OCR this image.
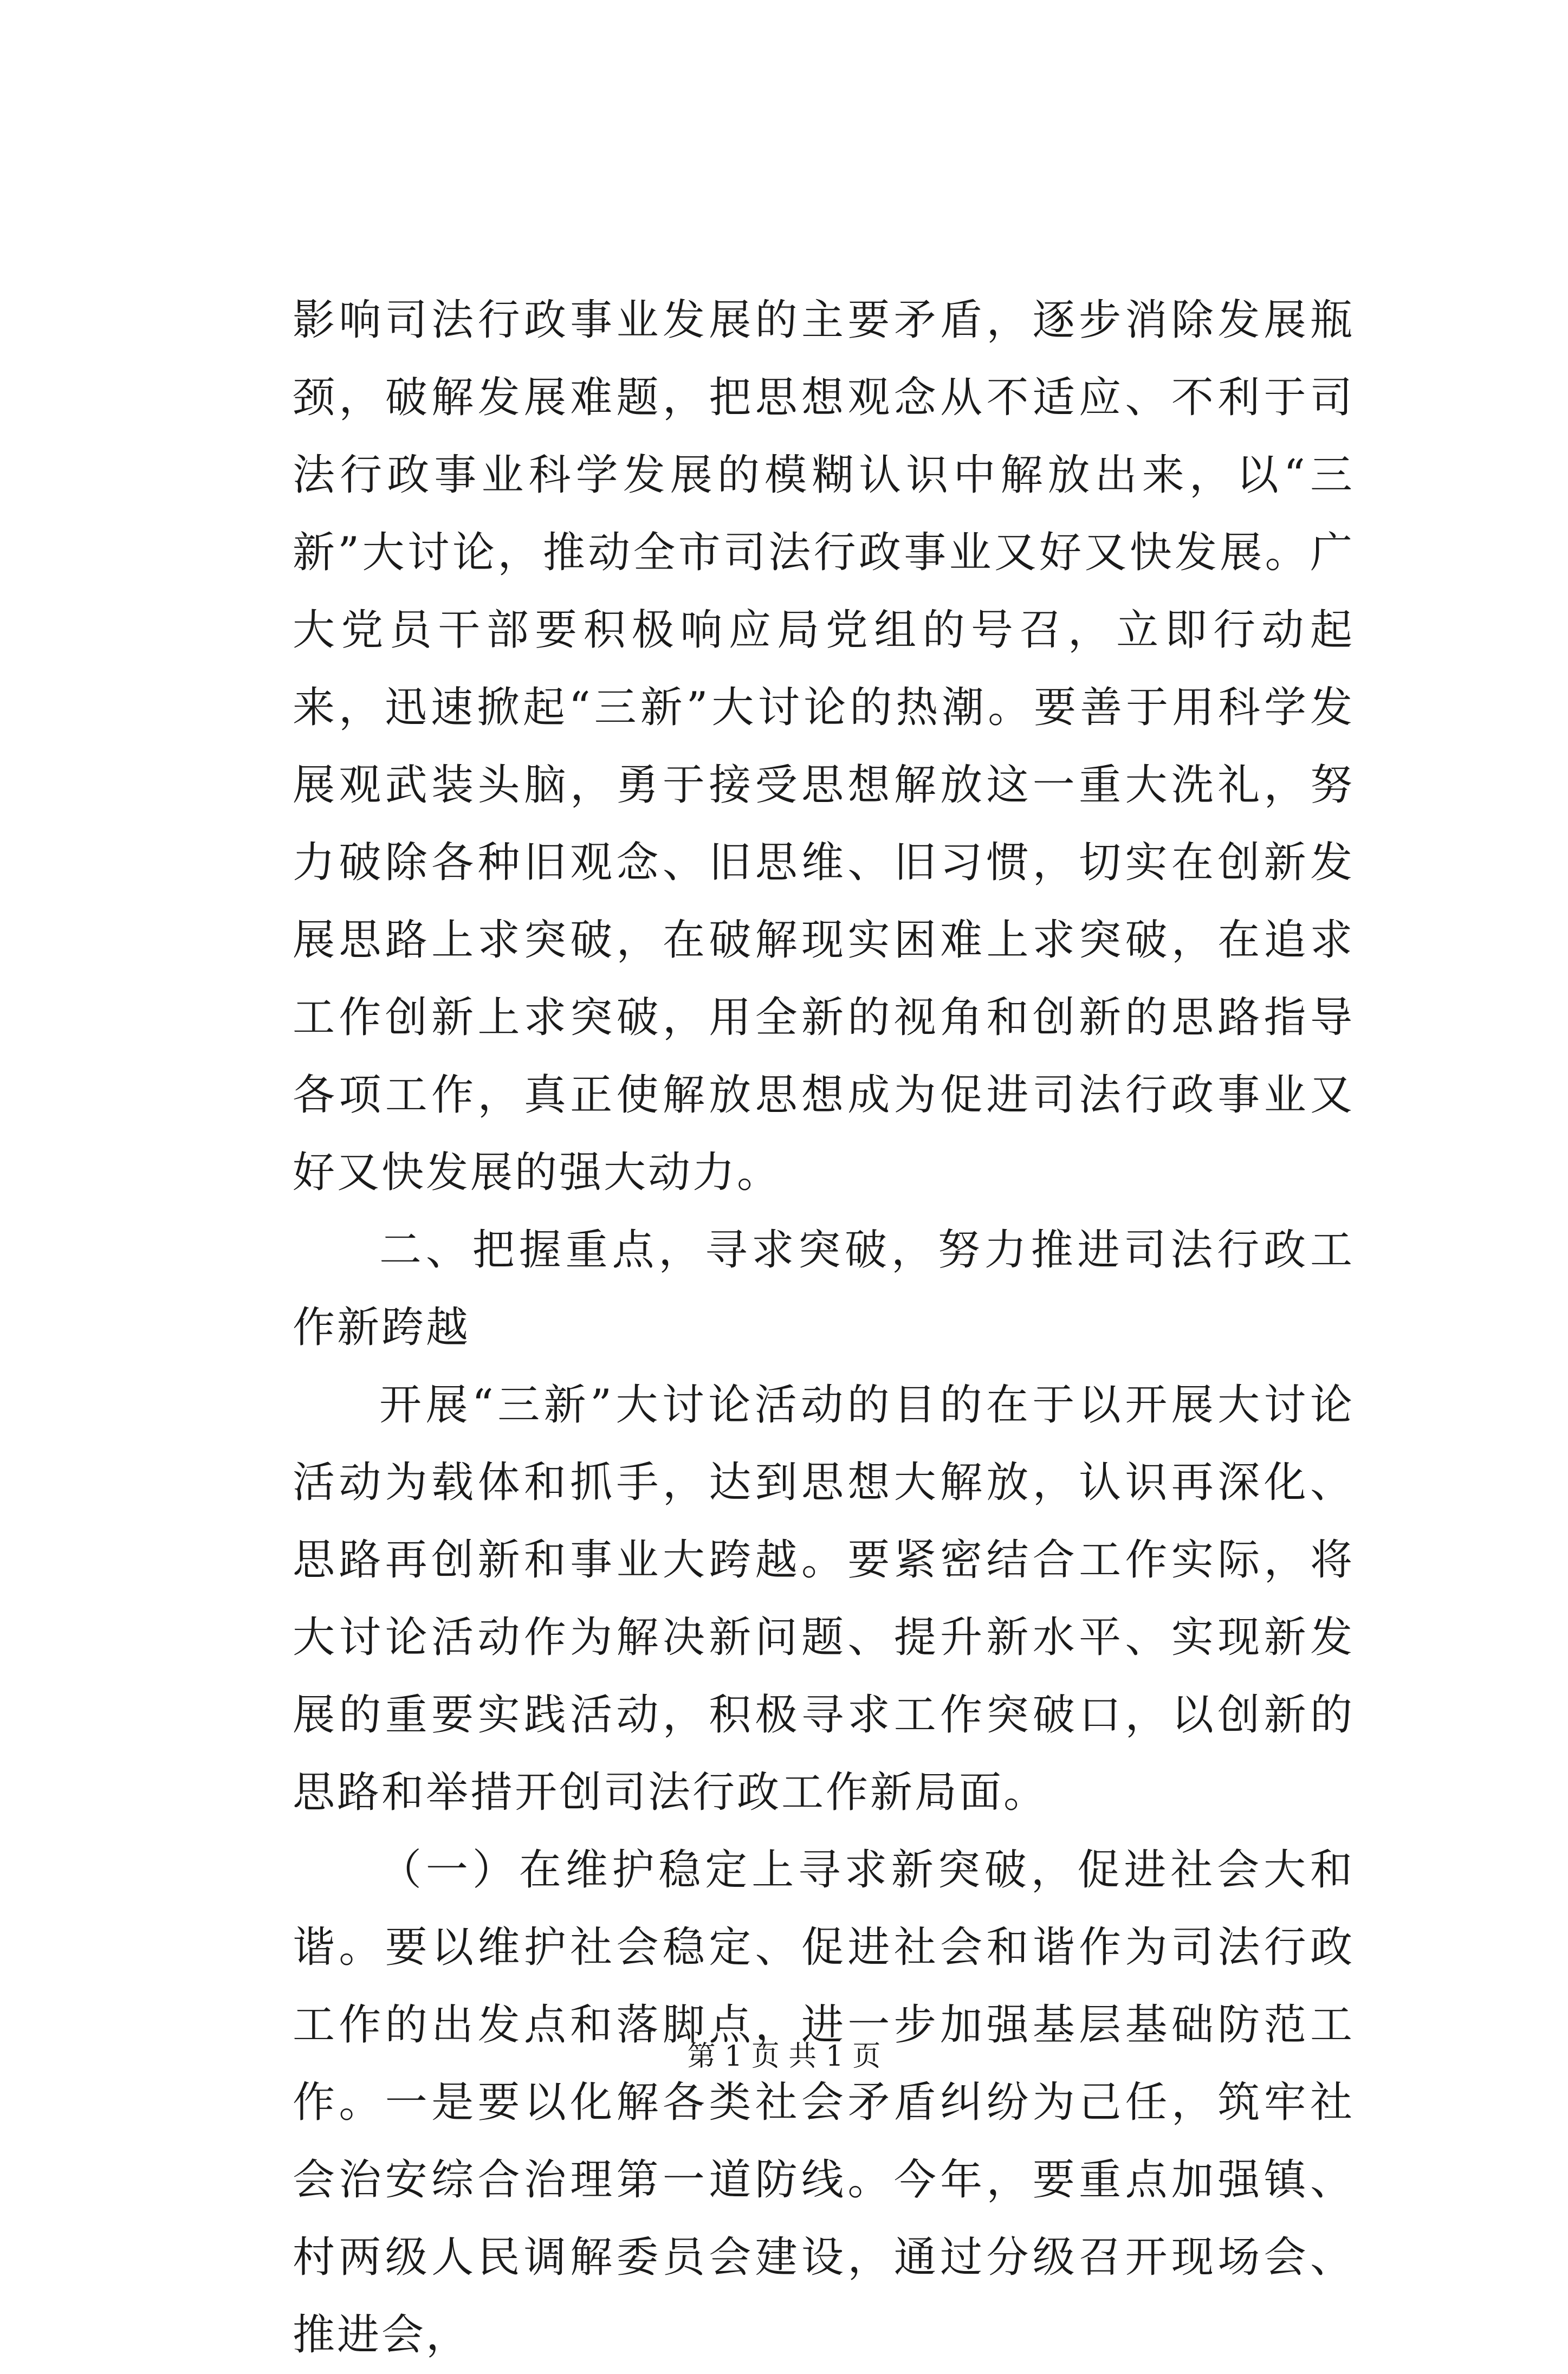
影响司法行政事业发展的主要矛盾，逐步消除发展瓶颈，破解发展难题，把思想观念从不适应、不利于司法行政事业科学发展的模糊认识中解放出来，以“三新”大讨论，推动全市司法行政事业又好又快发展。广大党员干部要积极响应局党组的号召，立即行动起来，迅速掀起“三新”大讨论的热潮。要善于用科学发展观武装头脑，勇于接受思想解放这一重大洗礼，努力破除各种旧观念、旧思维、旧习惯，切实在创新发展思路上求突破，在破解现实困难上求突破，在追求工作创新上求突破，用全新的视角和创新的思路指导各项工作，真正使解放思想成为促进司法行政事业又好又快发展的强大动力。

二、把握重点，寻求突破，努力推进司法行政工作新跨越

开展“三新”大讨论活动的目的在于以开展大讨论活动为载体和抓手，达到思想大解放，认识再深化、思路再创新和事业大跨越。要紧密结合工作实际，将大讨论活动作为解决新问题、提升新水平、实现新发展的重要实践活动，积极寻求工作突破口，以创新的思路和举措开创司法行政工作新局面。

（一）在维护稳定上寻求新突破，促进社会大和谐。要以维护社会稳定、促进社会和谐作为司法行政工作的出发点和落脚点，进一步加强基层基础防范工作。一是要以化解各类社会矛盾纠纷为己任，筑牢社会治安综合治理第一道防线。今年，要重点加强镇、村两级人民调解委员会建设，通过分级召开现场会、推进会，

第 1 页 共 1 页
